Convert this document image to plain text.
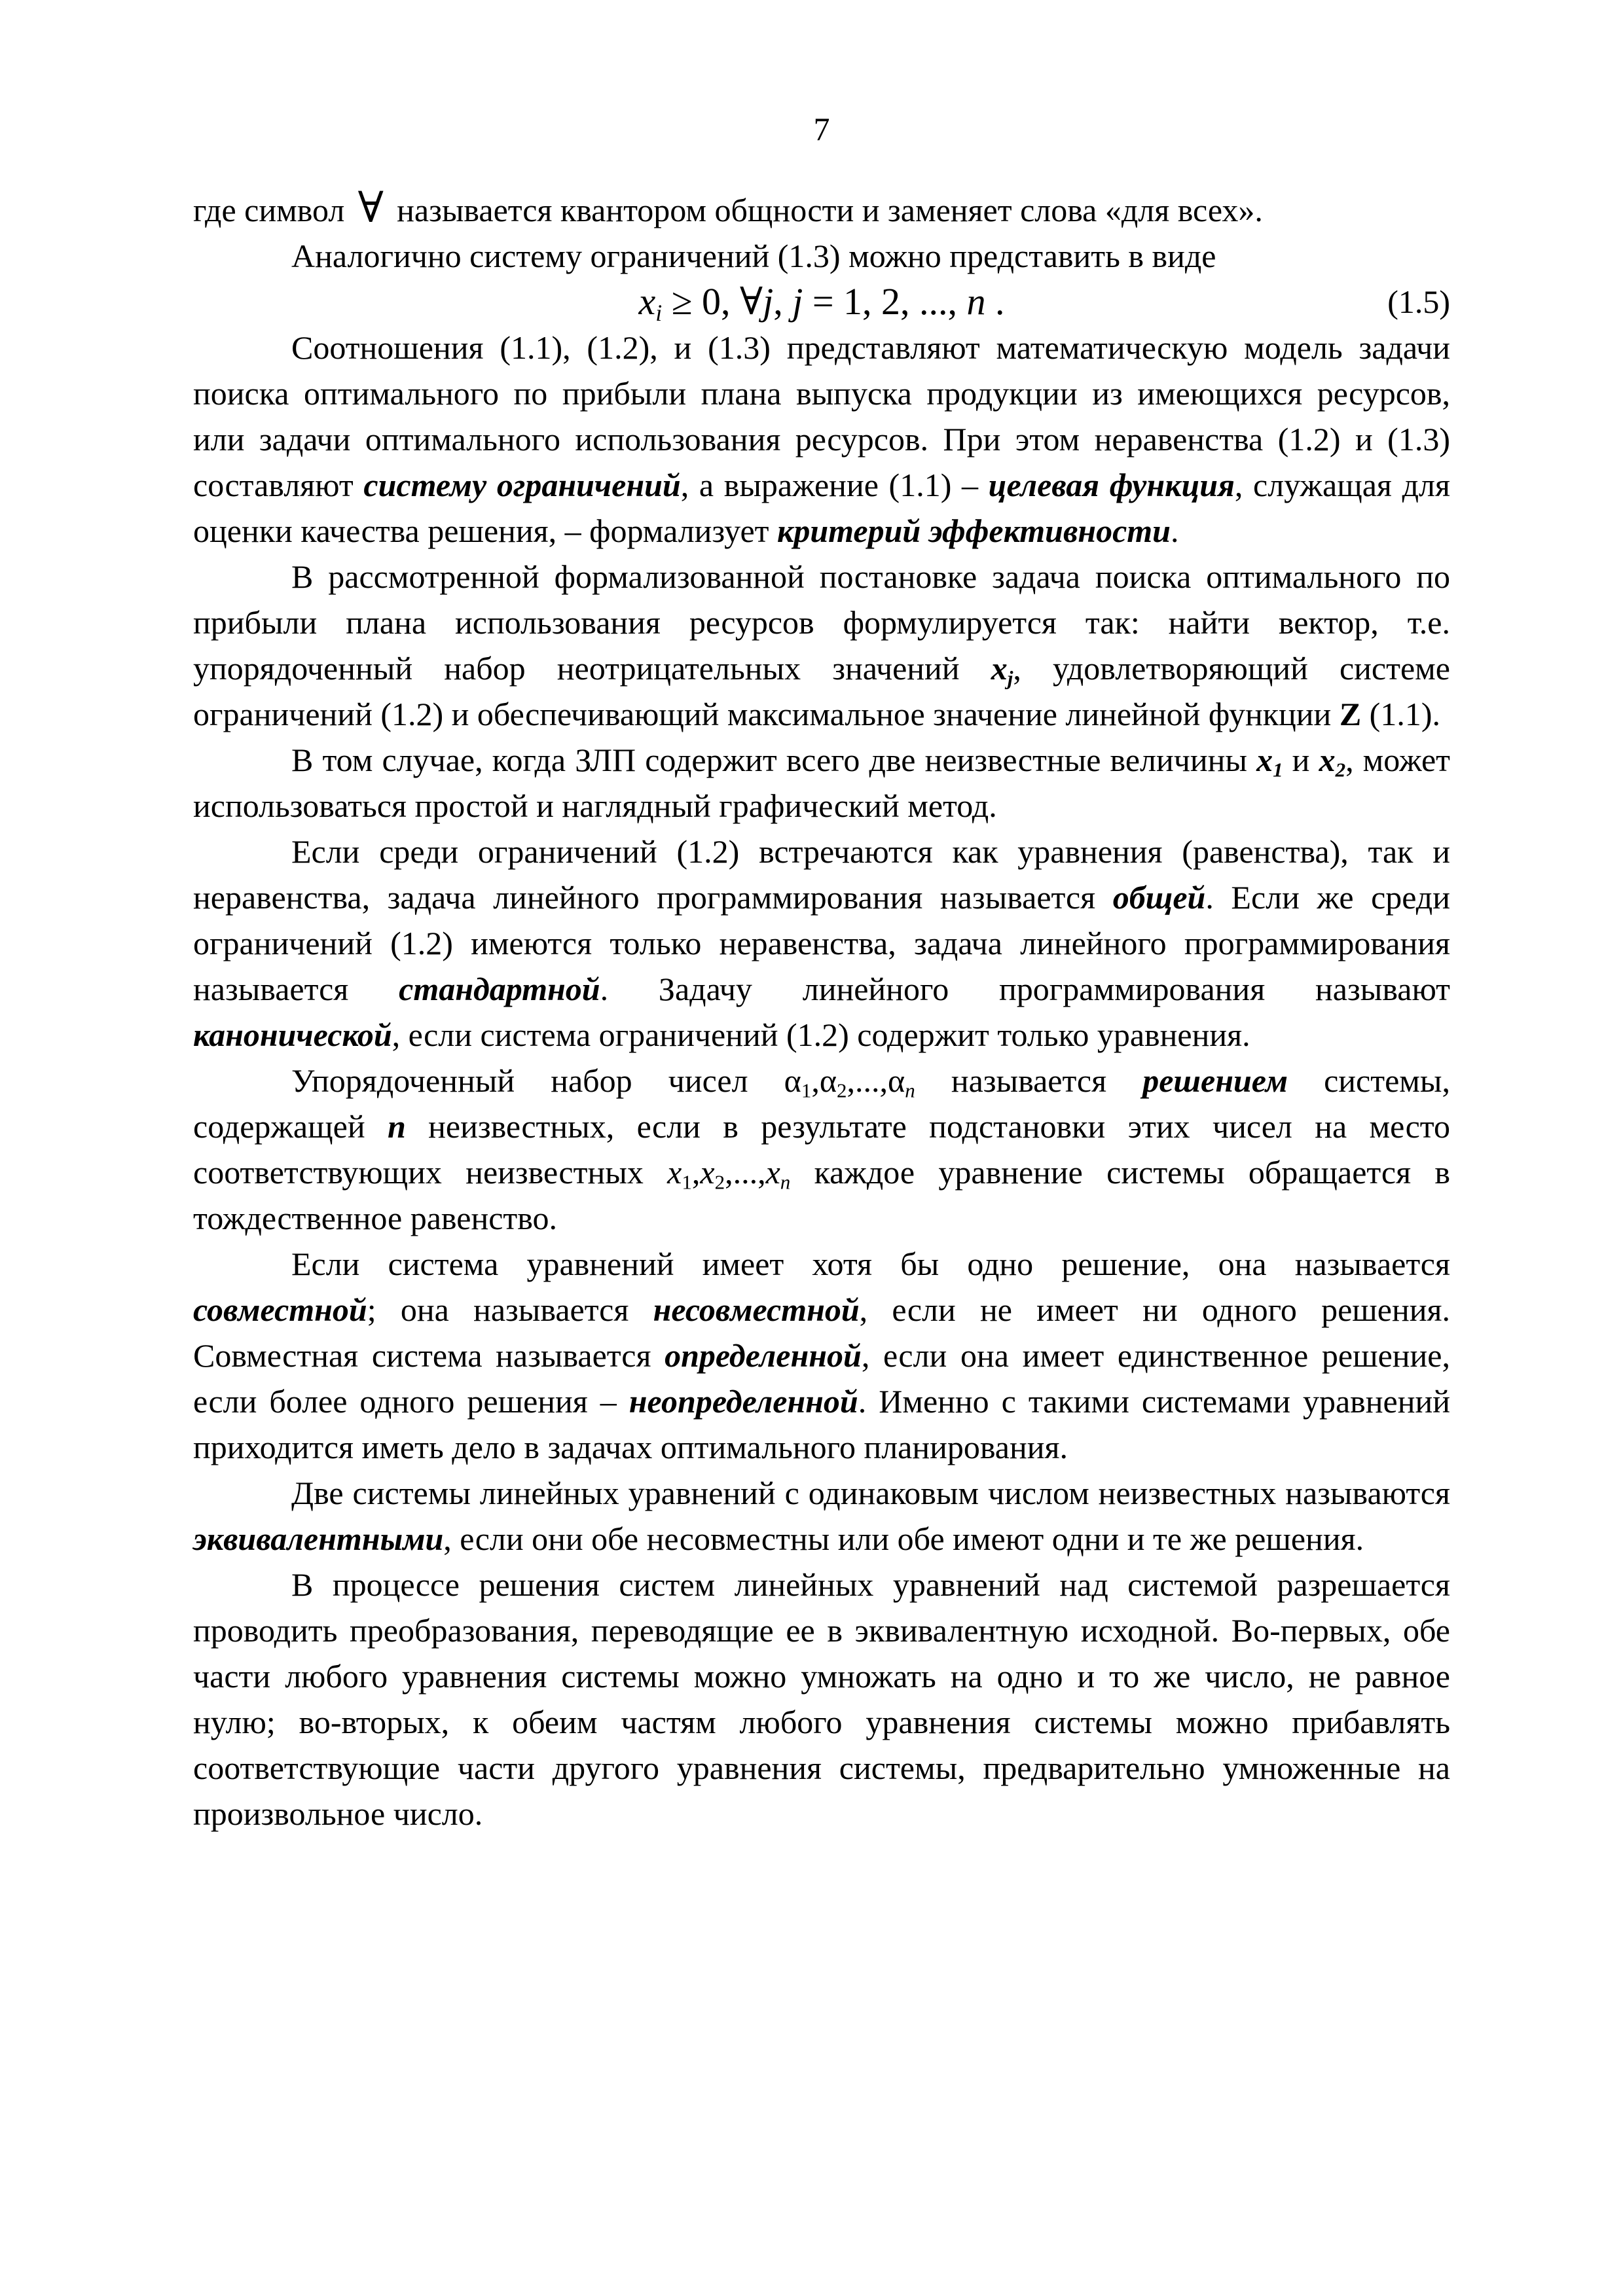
7

где символ ∀ называется квантором общности и заменяет слова «для всех».

Аналогично систему ограничений (1.3) можно представить в виде

$x_i \ge 0$, ∀j, j = 1, 2, ..., n .	(1.5)

Соотношения (1.1), (1.2), и (1.3) представляют математическую модель задачи поиска оптимального по прибыли плана выпуска продукции из имеющихся ресурсов, или задачи оптимального использования ресурсов. При этом неравенства (1.2) и (1.3) составляют систему ограничений, а выражение (1.1) – целевая функция, служащая для оценки качества решения, – формализует критерий эффективности.

В рассмотренной формализованной постановке задача поиска оптимального по прибыли плана использования ресурсов формулируется так: найти вектор, т.е. упорядоченный набор неотрицательных значений $x_j$, удовлетворяющий системе ограничений (1.2) и обеспечивающий максимальное значение линейной функции Z (1.1).

В том случае, когда ЗЛП содержит всего две неизвестные величины $x_1$ и $x_2$, может использоваться простой и наглядный графический метод.

Если среди ограничений (1.2) встречаются как уравнения (равенства), так и неравенства, задача линейного программирования называется общей. Если же среди ограничений (1.2) имеются только неравенства, задача линейного программирования называется стандартной. Задачу линейного программирования называют канонической, если система ограничений (1.2) содержит только уравнения.

Упорядоченный набор чисел $\alpha_1,\alpha_2,...,\alpha_n$ называется решением системы, содержащей n неизвестных, если в результате подстановки этих чисел на место соответствующих неизвестных $x_1,x_2,...,x_n$ каждое уравнение системы обращается в тождественное равенство.

Если система уравнений имеет хотя бы одно решение, она называется совместной; она называется несовместной, если не имеет ни одного решения. Совместная система называется определенной, если она имеет единственное решение, если более одного решения – неопределенной. Именно с такими системами уравнений приходится иметь дело в задачах оптимального планирования.

Две системы линейных уравнений с одинаковым числом неизвестных называются эквивалентными, если они обе несовместны или обе имеют одни и те же решения.

В процессе решения систем линейных уравнений над системой разрешается проводить преобразования, переводящие ее в эквивалентную исходной. Во-первых, обе части любого уравнения системы можно умножать на одно и то же число, не равное нулю; во-вторых, к обеим частям любого уравнения системы можно прибавлять соответствующие части другого уравнения системы, предварительно умноженные на произвольное число.
